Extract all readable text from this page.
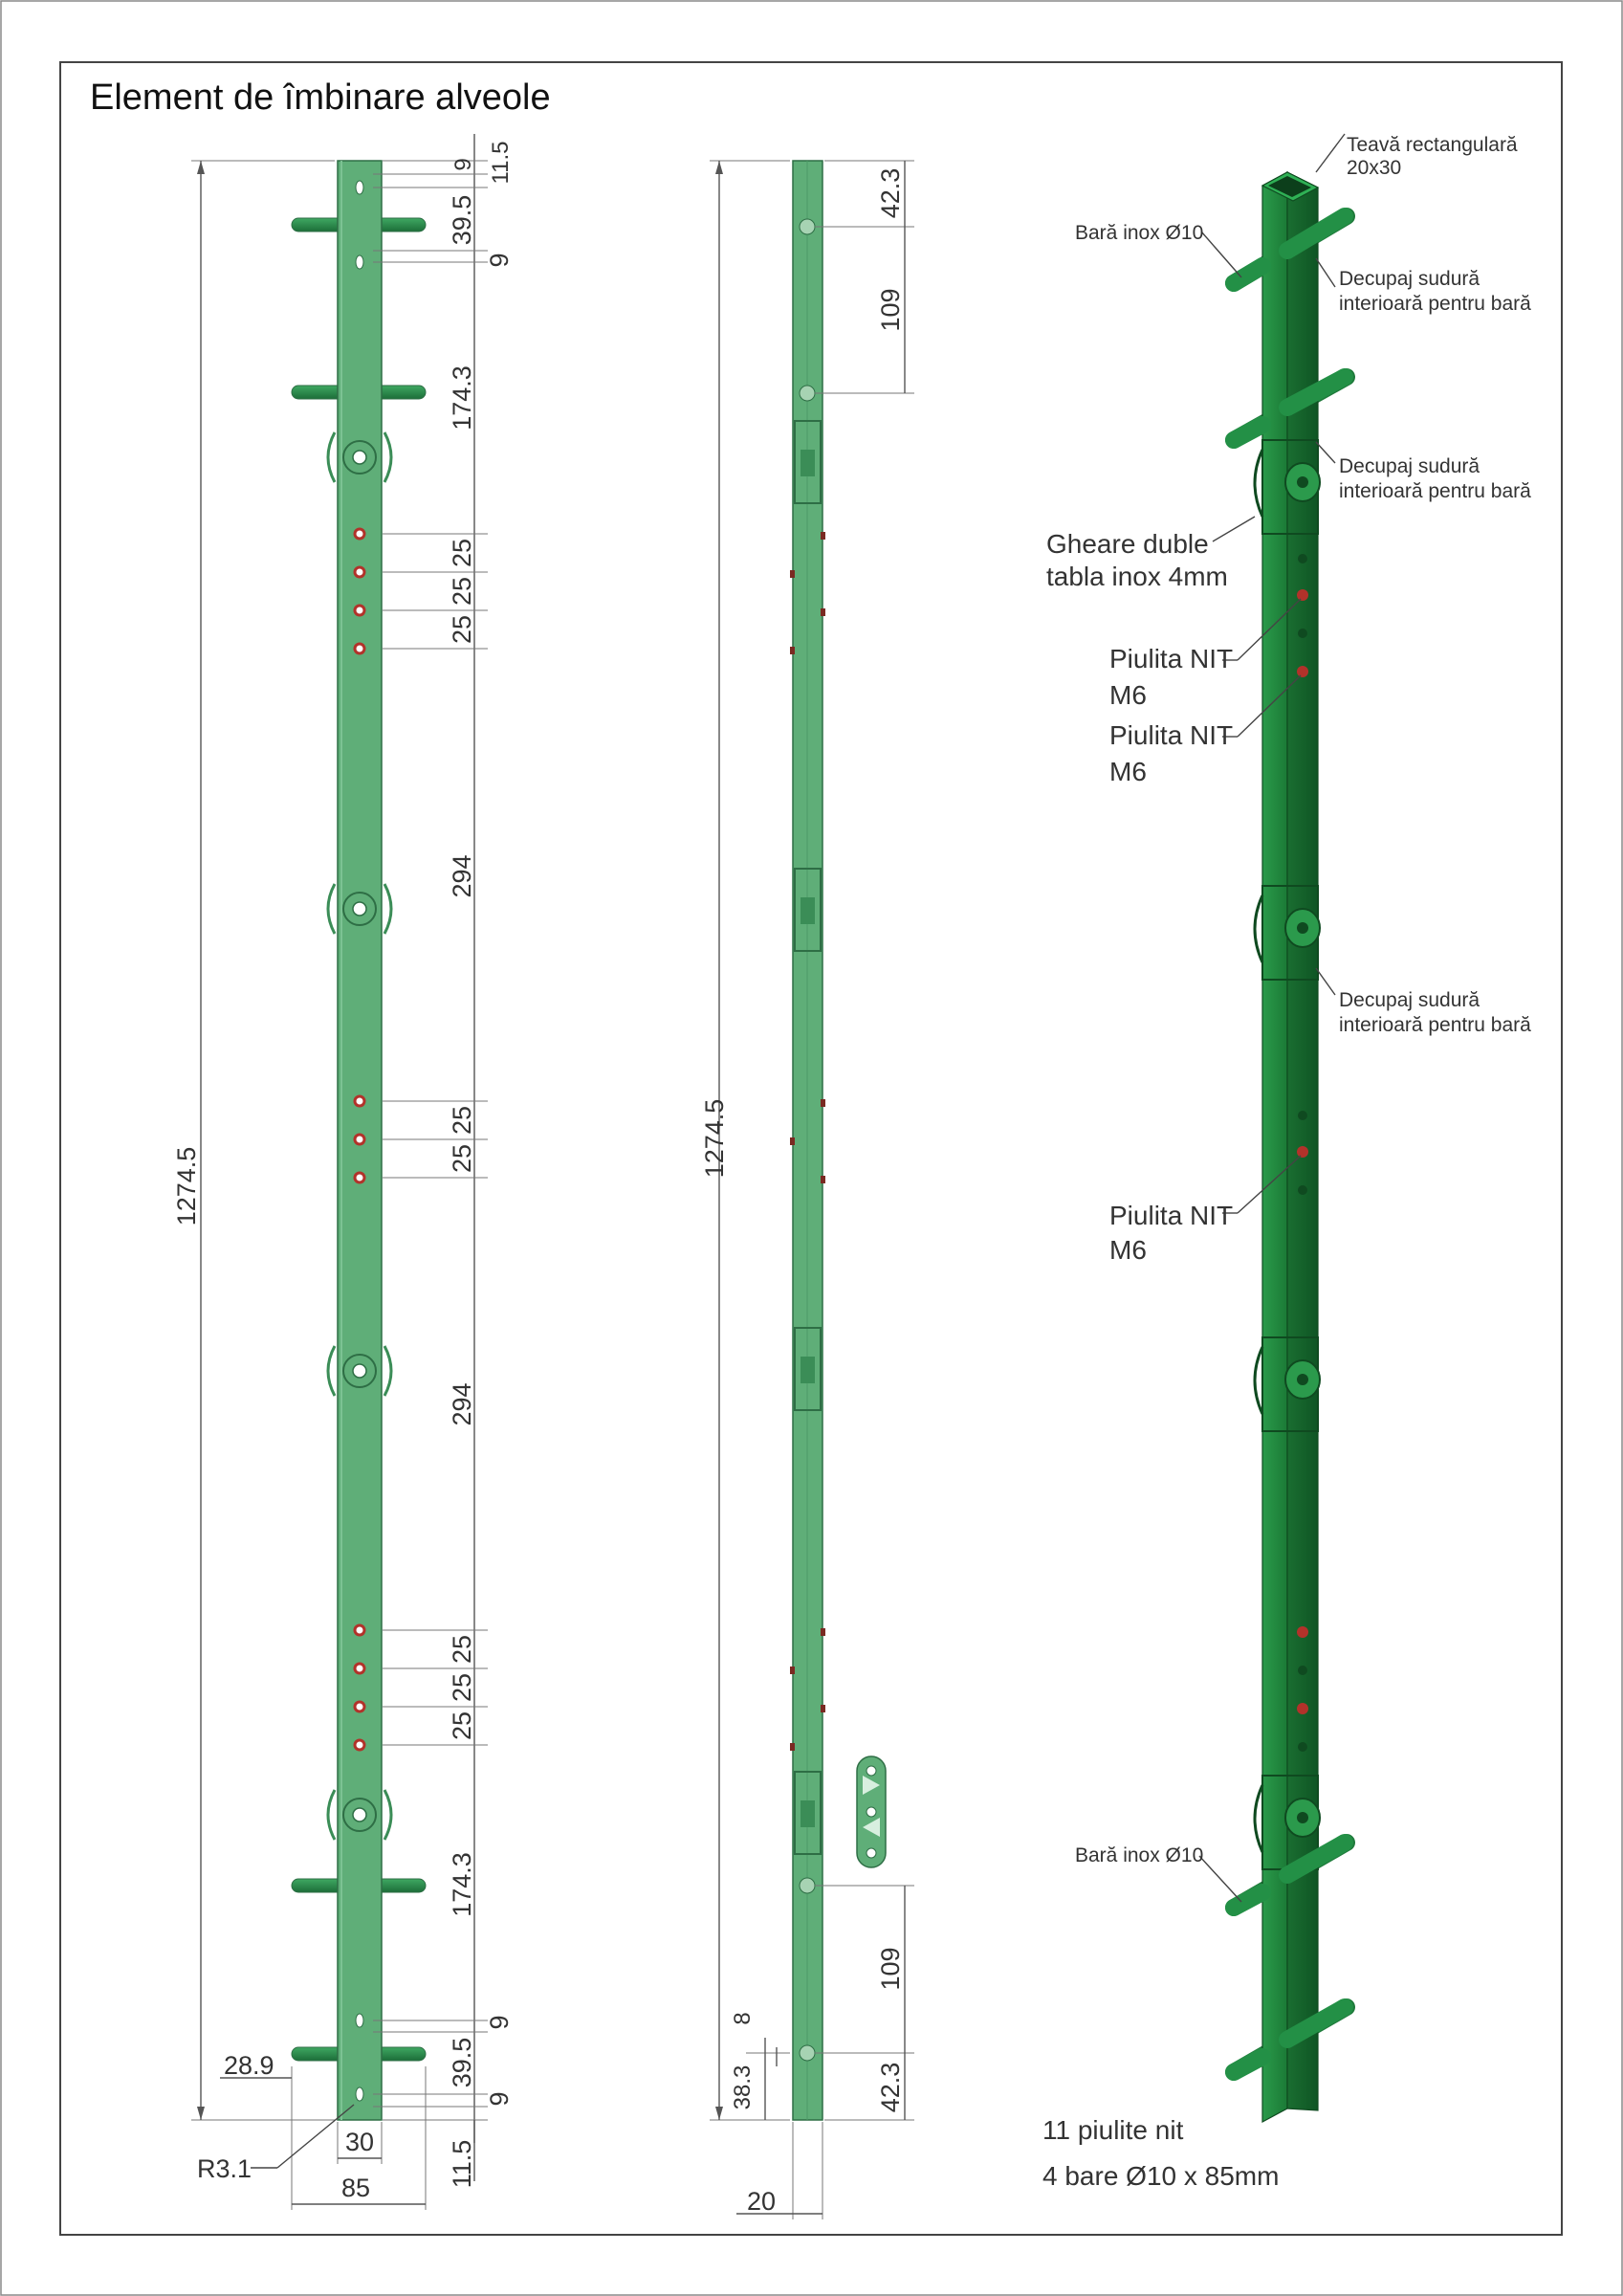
Element de îmbinare alveole
1274.5
9 11.5
39.5
9
174.3
25
25
25
294
25
25
294
25
25
25
174.3
9
39.5
9
28.9
30
85	11.5
R3.1
1274.5
42.3
109
109
42.3
8
38.3
20
Teavă rectangulară
20x30
Bară inox Ø10
Decupaj sudură
interioară pentru bară
Decupaj sudură
interioară pentru bară
Gheare duble
tabla inox 4mm
Piulita NIT
M6
Piulita NIT
M6
Decupaj sudură
interioară pentru bară
Piulita NIT
M6
Bară inox Ø10
11 piulite nit
4 bare Ø10 x 85mm
